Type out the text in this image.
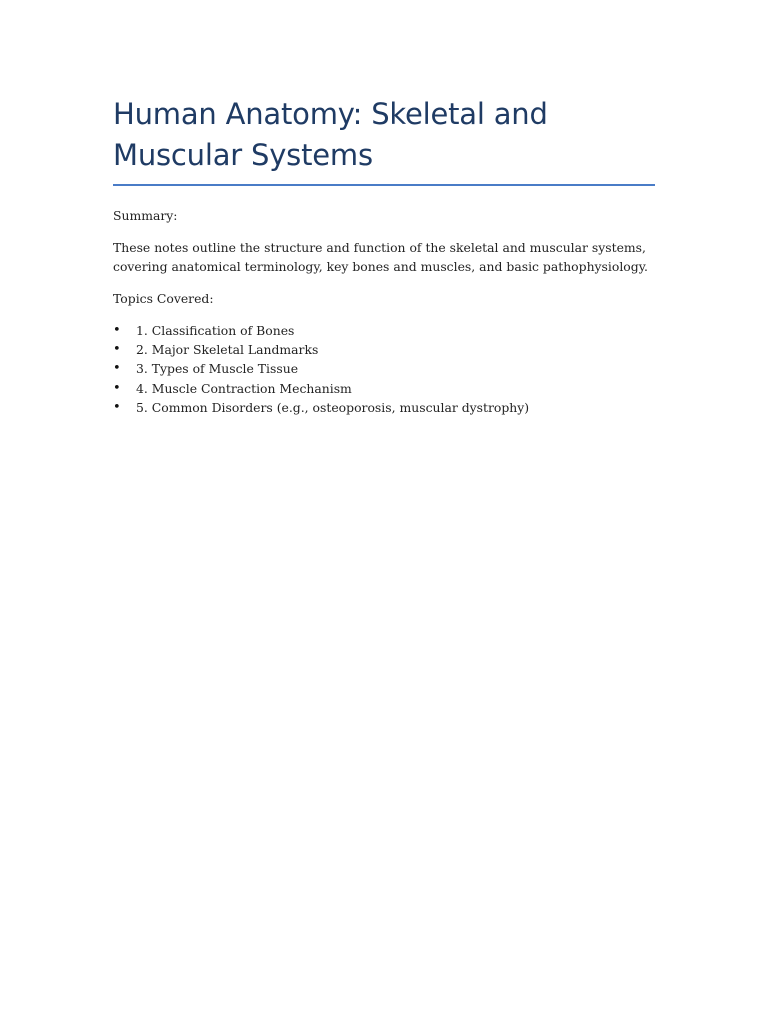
Human Anatomy: Skeletal and Muscular Systems

Summary:

These notes outline the structure and function of the skeletal and muscular systems, covering anatomical terminology, key bones and muscles, and basic pathophysiology.

Topics Covered:

• 1. Classification of Bones
• 2. Major Skeletal Landmarks
• 3. Types of Muscle Tissue
• 4. Muscle Contraction Mechanism
• 5. Common Disorders (e.g., osteoporosis, muscular dystrophy)
